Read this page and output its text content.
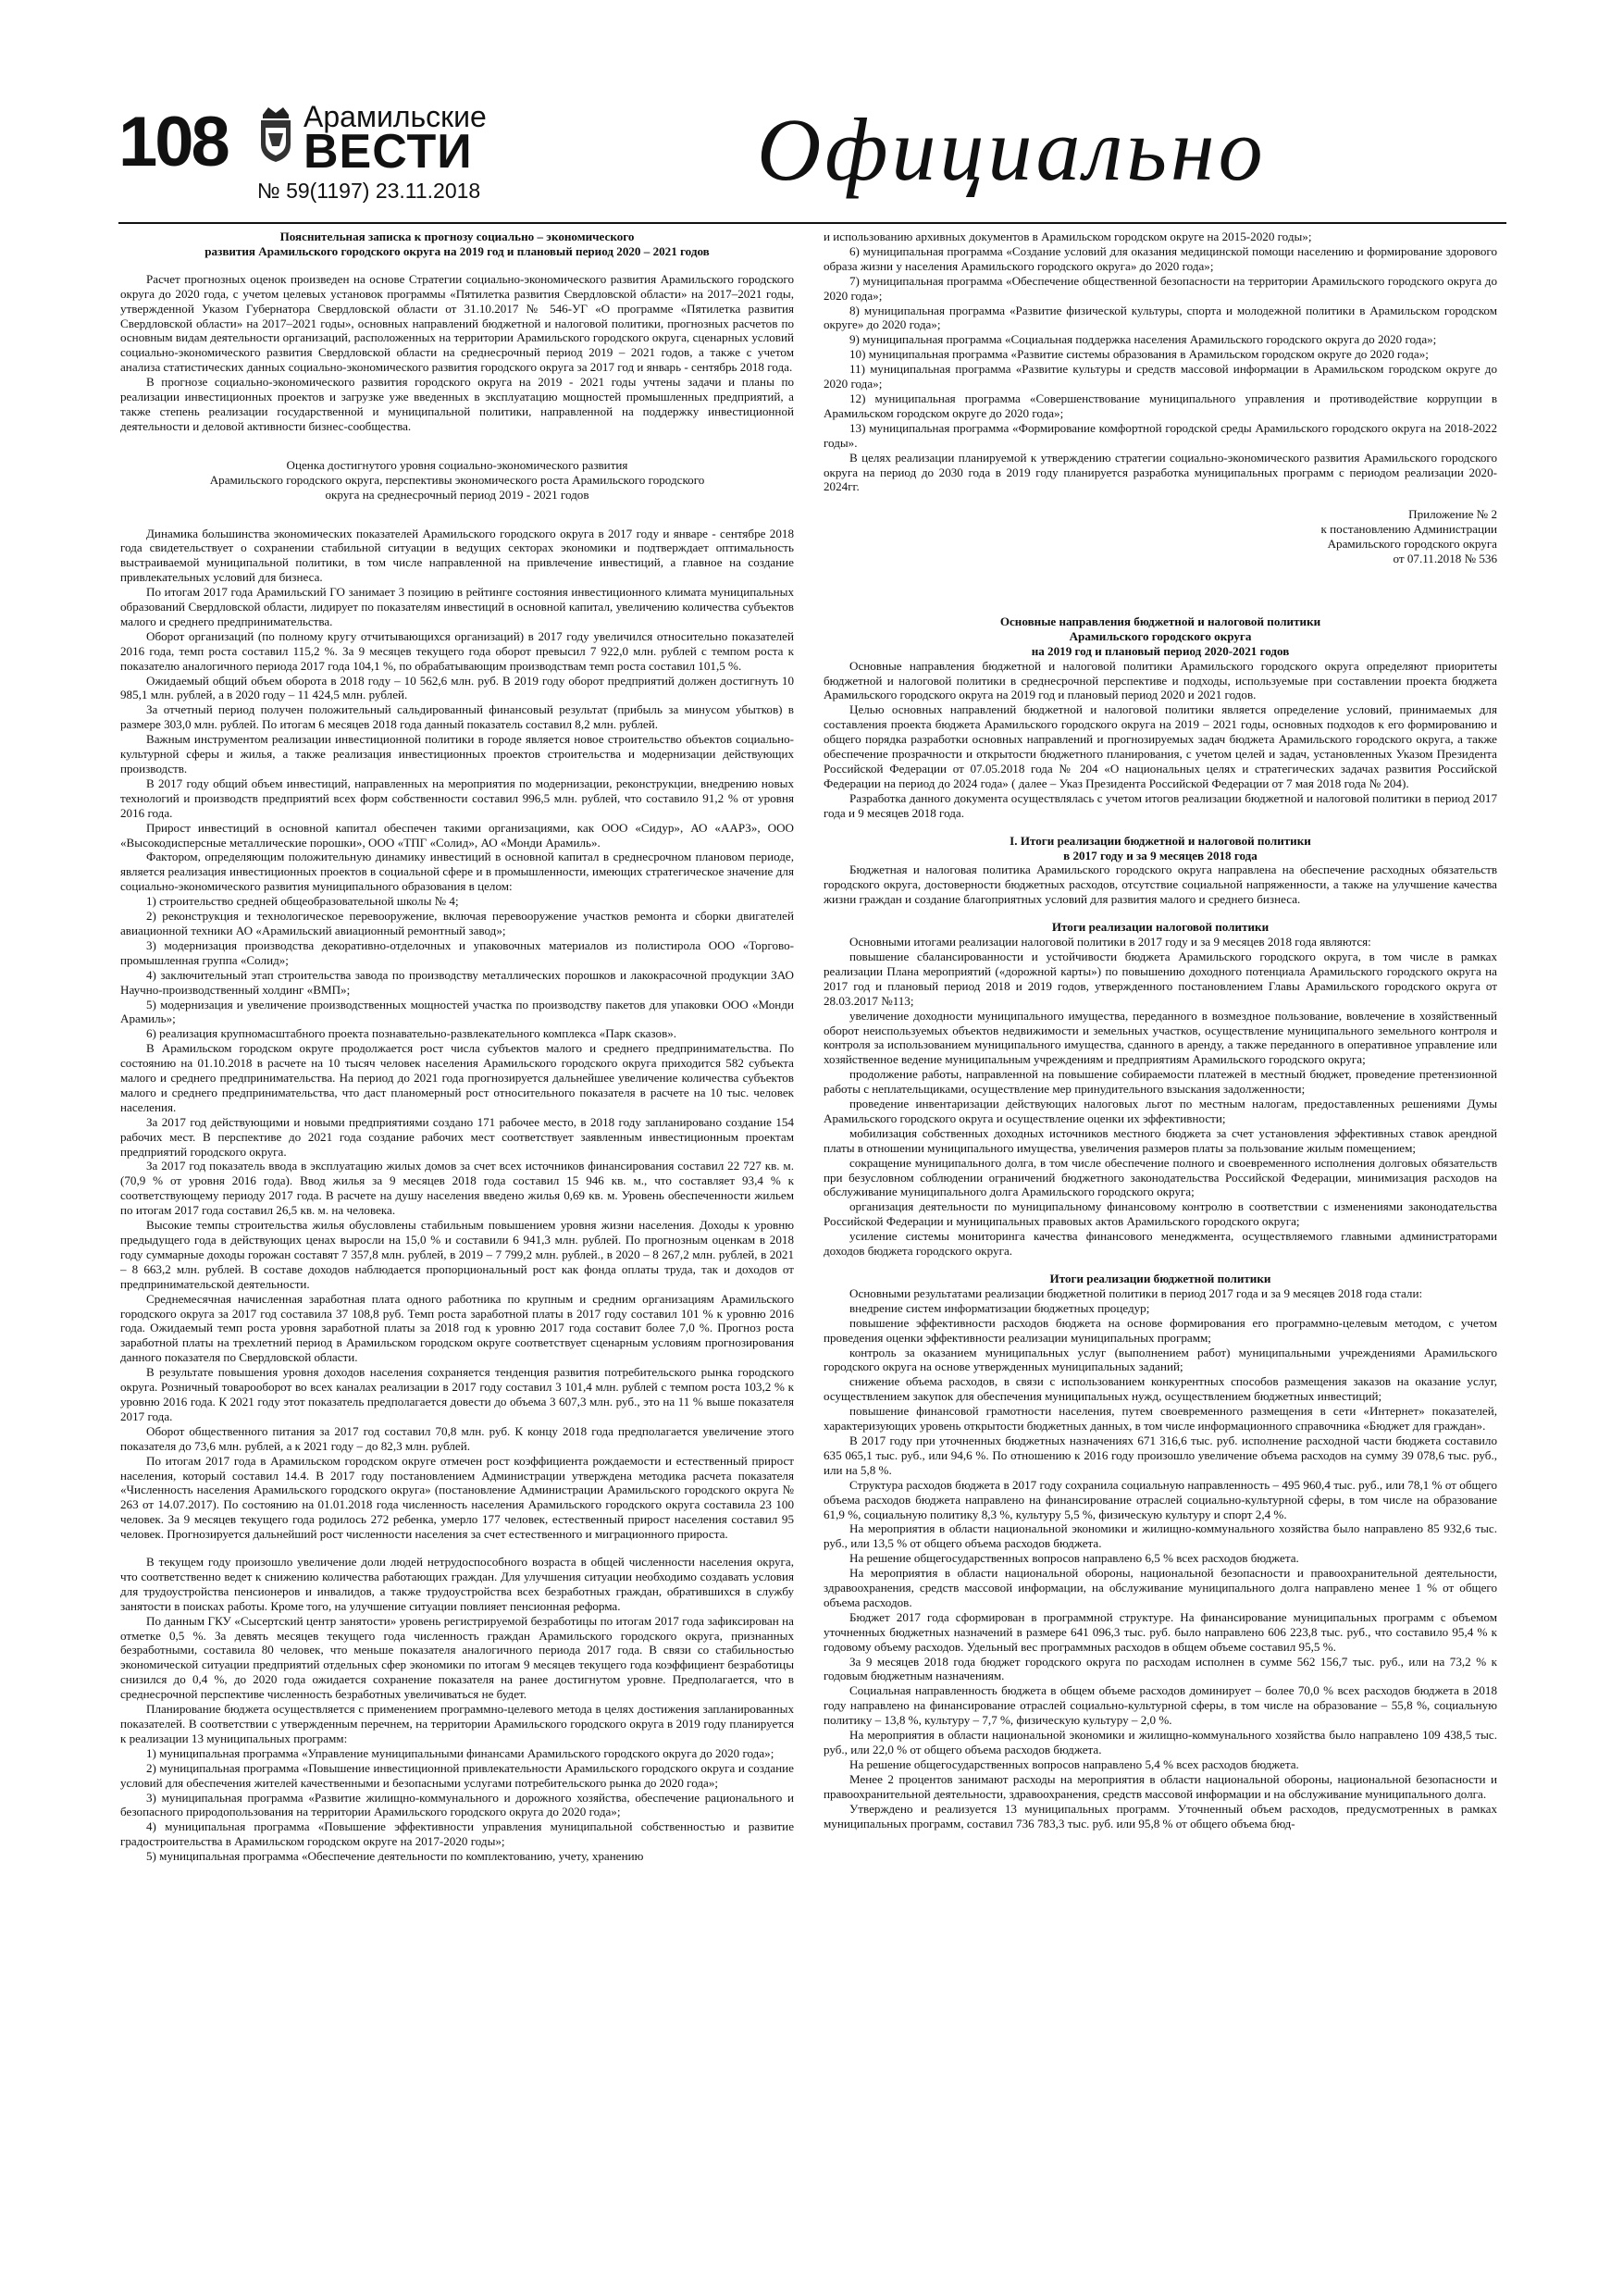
108	Арамильские
ВЕСТИ
№ 59(1197) 23.11.2018	Официально
Пояснительная записка к прогнозу социально – экономического
развития Арамильского городского округа на 2019 год и плановый период 2020 – 2021 годов

Расчет прогнозных оценок произведен на основе Стратегии социально-экономического развития Арамильского городского округа до 2020 года, с учетом целевых установок программы «Пятилетка развития Свердловской области» на 2017–2021 годы, утвержденной Указом Губернатора Свердловской области от 31.10.2017 № 546-УГ «О программе «Пятилетка развития Свердловской области» на 2017–2021 годы», основных направлений бюджетной и налоговой политики, прогнозных расчетов по основным видам деятельности организаций, расположенных на территории Арамильского городского округа, сценарных условий социально-экономического развития Свердловской области на среднесрочный период 2019 – 2021 годов, а также с учетом анализа статистических данных социально-экономического развития городского округа за 2017 год и январь - сентябрь 2018 года.

В прогнозе социально-экономического развития городского округа на 2019 - 2021 годы учтены задачи и планы по реализации инвестиционных проектов и загрузке уже введенных в эксплуатацию мощностей промышленных предприятий, а также степень реализации государственной и муниципальной политики, направленной на поддержку инвестиционной деятельности и деловой активности бизнес-сообщества.

Оценка достигнутого уровня социально-экономического развития

Арамильского городского округа, перспективы экономического роста Арамильского городского

округа на среднесрочный период 2019 - 2021 годов

Динамика большинства экономических показателей Арамильского городского округа в 2017 году и январе - сентябре 2018 года свидетельствует о сохранении стабильной ситуации в ведущих секторах экономики и подтверждает оптимальность выстраиваемой муниципальной политики, в том числе направленной на привлечение инвестиций, а главное на создание привлекательных условий для бизнеса.

По итогам 2017 года Арамильский ГО занимает 3 позицию в рейтинге состояния инвестиционного климата муниципальных образований Свердловской области, лидирует по показателям инвестиций в основной капитал, увеличению количества субъектов малого и среднего предпринимательства.

Оборот организаций (по полному кругу отчитывающихся организаций) в 2017 году увеличился относительно показателей 2016 года, темп роста составил 115,2 %. За 9 месяцев текущего года оборот превысил 7 922,0 млн. рублей с темпом роста к показателю аналогичного периода 2017 года 104,1 %, по обрабатывающим производствам темп роста составил 101,5 %.

Ожидаемый общий объем оборота в 2018 году – 10 562,6 млн. руб. В 2019 году оборот предприятий должен достигнуть 10 985,1 млн. рублей, а в 2020 году – 11 424,5 млн. рублей.

За отчетный период получен положительный сальдированный финансовый результат (прибыль за минусом убытков) в размере 303,0 млн. рублей. По итогам 6 месяцев 2018 года данный показатель составил 8,2 млн. рублей.

Важным инструментом реализации инвестиционной политики в городе является новое строительство объектов социально-культурной сферы и жилья, а также реализация инвестиционных проектов строительства и модернизации действующих производств.

В 2017 году общий объем инвестиций, направленных на мероприятия по модернизации, реконструкции, внедрению новых технологий и производств предприятий всех форм собственности составил 996,5 млн. рублей, что составило 91,2 % от уровня 2016 года.

Прирост инвестиций в основной капитал обеспечен такими организациями, как ООО «Сидур», АО «ААРЗ», ООО «Высокодисперсные металлические порошки», ООО «ТПГ «Солид», АО «Монди Арамиль».

Фактором, определяющим положительную динамику инвестиций в основной капитал в среднесрочном плановом периоде, является реализация инвестиционных проектов в социальной сфере и в промышленности, имеющих стратегическое значение для социально-экономического развития муниципального образования в целом:

1) строительство средней общеобразовательной школы № 4;

2) реконструкция и технологическое перевооружение, включая перевооружение участков ремонта и сборки двигателей авиационной техники АО «Арамильский авиационный ремонтный завод»;

3) модернизация производства декоративно-отделочных и упаковочных материалов из полистирола ООО «Торгово-промышленная группа «Солид»;

4) заключительный этап строительства завода по производству металлических порошков и лакокрасочной продукции ЗАО Научно-производственный холдинг «ВМП»;

5) модернизация и увеличение производственных мощностей участка по производству пакетов для упаковки ООО «Монди Арамиль»;

6) реализация крупномасштабного проекта познавательно-развлекательного комплекса «Парк сказов».

В Арамильском городском округе продолжается рост числа субъектов малого и среднего предпринимательства. По состоянию на 01.10.2018 в расчете на 10 тысяч человек населения Арамильского городского округа приходится 582 субъекта малого и среднего предпринимательства. На период до 2021 года прогнозируется дальнейшее увеличение количества субъектов малого и среднего предпринимательства, что даст планомерный рост относительного показателя в расчете на 10 тыс. человек населения.

За 2017 год действующими и новыми предприятиями создано 171 рабочее место, в 2018 году запланировано создание 154 рабочих мест. В перспективе до 2021 года создание рабочих мест соответствует заявленным инвестиционным проектам предприятий городского округа.

За 2017 год показатель ввода в эксплуатацию жилых домов за счет всех источников финансирования составил 22 727 кв. м. (70,9 % от уровня 2016 года). Ввод жилья за 9 месяцев 2018 года составил 15 946 кв. м., что составляет 93,4 % к соответствующему периоду 2017 года. В расчете на душу населения введено жилья 0,69 кв. м. Уровень обеспеченности жильем по итогам 2017 года составил 26,5 кв. м. на человека.

Высокие темпы строительства жилья обусловлены стабильным повышением уровня жизни населения. Доходы к уровню предыдущего года в действующих ценах выросли на 15,0 % и составили 6 941,3 млн. рублей. По прогнозным оценкам в 2018 году суммарные доходы горожан составят 7 357,8 млн. рублей, в 2019 – 7 799,2 млн. рублей., в 2020 – 8 267,2 млн. рублей, в 2021 – 8 663,2 млн. рублей. В составе доходов наблюдается пропорциональный рост как фонда оплаты труда, так и доходов от предпринимательской деятельности.

Среднемесячная начисленная заработная плата одного работника по крупным и средним организациям Арамильского городского округа за 2017 год составила 37 108,8 руб. Темп роста заработной платы в 2017 году составил 101 % к уровню 2016 года. Ожидаемый темп роста уровня заработной платы за 2018 год к уровню 2017 года составит более 7,0 %. Прогноз роста заработной платы на трехлетний период в Арамильском городском округе соответствует сценарным условиям прогнозирования данного показателя по Свердловской области.

В результате повышения уровня доходов населения сохраняется тенденция развития потребительского рынка городского округа. Розничный товарооборот во всех каналах реализации в 2017 году составил 3 101,4 млн. рублей с темпом роста 103,2 % к уровню 2016 года. К 2021 году этот показатель предполагается довести до объема 3 607,3 млн. руб., это на 11 % выше показателя 2017 года.

Оборот общественного питания за 2017 год составил 70,8 млн. руб. К концу 2018 года предполагается увеличение этого показателя до 73,6 млн. рублей, а к 2021 году – до 82,3 млн. рублей.

По итогам 2017 года в Арамильском городском округе отмечен рост коэффициента рождаемости и естественный прирост населения, который составил 14.4. В 2017 году постановлением Администрации утверждена методика расчета показателя «Численность населения Арамильского городского округа» (постановление Администрации Арамильского городского округа № 263 от 14.07.2017). По состоянию на 01.01.2018 года численность населения Арамильского городского округа составила 23 100 человек. За 9 месяцев текущего года родилось 272 ребенка, умерло 177 человек, естественный прирост населения составил 95 человек. Прогнозируется дальнейший рост численности населения за счет естественного и миграционного прироста.

В текущем году произошло увеличение доли людей нетрудоспособного возраста в общей численности населения округа, что соответственно ведет к снижению количества работающих граждан. Для улучшения ситуации необходимо создавать условия для трудоустройства пенсионеров и инвалидов, а также трудоустройства всех безработных граждан, обратившихся в службу занятости в поисках работы. Кроме того, на улучшение ситуации повлияет пенсионная реформа.

По данным ГКУ «Сысертский центр занятости» уровень регистрируемой безработицы по итогам 2017 года зафиксирован на отметке 0,5 %. За девять месяцев текущего года численность граждан Арамильского городского округа, признанных безработными, составила 80 человек, что меньше показателя аналогичного периода 2017 года. В связи со стабильностью экономической ситуации предприятий отдельных сфер экономики по итогам 9 месяцев текущего года коэффициент безработицы снизился до 0,4 %, до 2020 года ожидается сохранение показателя на ранее достигнутом уровне. Предполагается, что в среднесрочной перспективе численность безработных увеличиваться не будет.

Планирование бюджета осуществляется с применением программно-целевого метода в целях достижения запланированных показателей. В соответствии с утвержденным перечнем, на территории Арамильского городского округа в 2019 году планируется к реализации 13 муниципальных программ:

1) муниципальная программа «Управление муниципальными финансами Арамильского городского округа до 2020 года»;

2) муниципальная программа «Повышение инвестиционной привлекательности Арамильского городского округа и создание условий для обеспечения жителей качественными и безопасными услугами потребительского рынка до 2020 года»;

3) муниципальная программа «Развитие жилищно-коммунального и дорожного хозяйства, обеспечение рационального и безопасного природопользования на территории Арамильского городского округа до 2020 года»;

4) муниципальная программа «Повышение эффективности управления муниципальной собственностью и развитие градостроительства в Арамильском городском округе на 2017-2020 годы»;

5) муниципальная программа «Обеспечение деятельности по комплектованию, учету, хранению

и использованию архивных документов в Арамильском городском округе на 2015-2020 годы»;

6) муниципальная программа «Создание условий для оказания медицинской помощи населению и формирование здорового образа жизни у населения Арамильского городского округа» до 2020 года»;

7) муниципальная программа «Обеспечение общественной безопасности на территории Арамильского городского округа до 2020 года»;

8) муниципальная программа «Развитие физической культуры, спорта и молодежной политики в Арамильском городском округе» до 2020 года»;

9) муниципальная программа «Социальная поддержка населения Арамильского городского округа до 2020 года»;

10) муниципальная программа «Развитие системы образования в Арамильском городском округе до 2020 года»;

11) муниципальная программа «Развитие культуры и средств массовой информации в Арамильском городском округе до 2020 года»;

12) муниципальная программа «Совершенствование муниципального управления и противодействие коррупции в Арамильском городском округе до 2020 года»;

13) муниципальная программа «Формирование комфортной городской среды Арамильского городского округа на 2018-2022 годы».

В целях реализации планируемой к утверждению стратегии социально-экономического развития Арамильского городского округа на период до 2030 года в 2019 году планируется разработка муниципальных программ с периодом реализации 2020-2024гг.

Приложение № 2

к постановлению Администрации

Арамильского городского округа

от 07.11.2018 № 536

Основные направления бюджетной и налоговой политики
Арамильского городского округа
на 2019 год и плановый период 2020-2021 годов

Основные направления бюджетной и налоговой политики Арамильского городского округа определяют приоритеты бюджетной и налоговой политики в среднесрочной перспективе и подходы, используемые при составлении проекта бюджета Арамильского городского округа на 2019 год и плановый период 2020 и 2021 годов.

Целью основных направлений бюджетной и налоговой политики является определение условий, принимаемых для составления проекта бюджета Арамильского городского округа на 2019 – 2021 годы, основных подходов к его формированию и общего порядка разработки основных направлений и прогнозируемых задач бюджета Арамильского городского округа, а также обеспечение прозрачности и открытости бюджетного планирования, с учетом целей и задач, установленных Указом Президента Российской Федерации от 07.05.2018 года № 204 «О национальных целях и стратегических задачах развития Российской Федерации на период до 2024 года» ( далее – Указ Президента Российской Федерации от 7 мая 2018 года № 204).

Разработка данного документа осуществлялась с учетом итогов реализации бюджетной и налоговой политики в период 2017 года и 9 месяцев 2018 года.

I. Итоги реализации бюджетной и налоговой политики
в 2017 году и за 9 месяцев 2018 года

Бюджетная и налоговая политика Арамильского городского округа направлена на обеспечение расходных обязательств городского округа, достоверности бюджетных расходов, отсутствие социальной напряженности, а также на улучшение качества жизни граждан и создание благоприятных условий для развития малого и среднего бизнеса.

Итоги реализации налоговой политики

Основными итогами реализации налоговой политики в 2017 году и за 9 месяцев 2018 года являются:

повышение сбалансированности и устойчивости бюджета Арамильского городского округа, в том числе в рамках реализации Плана мероприятий («дорожной карты») по повышению доходного потенциала Арамильского городского округа на 2017 год и плановый период 2018 и 2019 годов, утвержденного постановлением Главы Арамильского городского округа от 28.03.2017 №113;

увеличение доходности муниципального имущества, переданного в возмездное пользование, вовлечение в хозяйственный оборот неиспользуемых объектов недвижимости и земельных участков, осуществление муниципального земельного контроля и контроля за использованием муниципального имущества, сданного в аренду, а также переданного в оперативное управление или хозяйственное ведение муниципальным учреждениям и предприятиям Арамильского городского округа;

продолжение работы, направленной на повышение собираемости платежей в местный бюджет, проведение претензионной работы с неплательщиками, осуществление мер принудительного взыскания задолженности;

проведение инвентаризации действующих налоговых льгот по местным налогам, предоставленных решениями Думы Арамильского городского округа и осуществление оценки их эффективности;

мобилизация собственных доходных источников местного бюджета за счет установления эффективных ставок арендной платы в отношении муниципального имущества, увеличения размеров платы за пользование жилым помещением;

сокращение муниципального долга, в том числе обеспечение полного и своевременного исполнения долговых обязательств при безусловном соблюдении ограничений бюджетного законодательства Российской Федерации, минимизация расходов на обслуживание муниципального долга Арамильского городского округа;

организация деятельности по муниципальному финансовому контролю в соответствии с изменениями законодательства Российской Федерации и муниципальных правовых актов Арамильского городского округа;

усиление системы мониторинга качества финансового менеджмента, осуществляемого главными администраторами доходов бюджета городского округа.

Итоги реализации бюджетной политики

Основными результатами реализации бюджетной политики в период 2017 года и за 9 месяцев 2018 года стали:

внедрение систем информатизации бюджетных процедур;

повышение эффективности расходов бюджета на основе формирования его программно-целевым методом, с учетом проведения оценки эффективности реализации муниципальных программ;

контроль за оказанием муниципальных услуг (выполнением работ) муниципальными учреждениями Арамильского городского округа на основе утвержденных муниципальных заданий;

снижение объема расходов, в связи с использованием конкурентных способов размещения заказов на оказание услуг, осуществлением закупок для обеспечения муниципальных нужд, осуществлением бюджетных инвестиций;

повышение финансовой грамотности населения, путем своевременного размещения в сети «Интернет» показателей, характеризующих уровень открытости бюджетных данных, в том числе информационного справочника «Бюджет для граждан».

В 2017 году при уточненных бюджетных назначениях 671 316,6 тыс. руб. исполнение расходной части бюджета составило 635 065,1 тыс. руб., или 94,6 %. По отношению к 2016 году произошло увеличение объема расходов на сумму 39 078,6 тыс. руб., или на 5,8 %.

Структура расходов бюджета в 2017 году сохранила социальную направленность – 495 960,4 тыс. руб., или 78,1 % от общего объема расходов бюджета направлено на финансирование отраслей социально-культурной сферы, в том числе на образование 61,9 %, социальную политику 8,3 %, культуру 5,5 %, физическую культуру и спорт 2,4 %.

На мероприятия в области национальной экономики и жилищно-коммунального хозяйства было направлено 85 932,6 тыс. руб., или 13,5 % от общего объема расходов бюджета.

На решение общегосударственных вопросов направлено 6,5 % всех расходов бюджета.

На мероприятия в области национальной обороны, национальной безопасности и правоохранительной деятельности, здравоохранения, средств массовой информации, на обслуживание муниципального долга направлено менее 1 % от общего объема расходов.

Бюджет 2017 года сформирован в программной структуре. На финансирование муниципальных программ с объемом уточненных бюджетных назначений в размере 641 096,3 тыс. руб. было направлено 606 223,8 тыс. руб., что составило 95,4 % к годовому объему расходов. Удельный вес программных расходов в общем объеме составил 95,5 %.

За 9 месяцев 2018 года бюджет городского округа по расходам исполнен в сумме 562 156,7 тыс. руб., или на 73,2 % к годовым бюджетным назначениям.

Социальная направленность бюджета в общем объеме расходов доминирует – более 70,0 % всех расходов бюджета в 2018 году направлено на финансирование отраслей социально-культурной сферы, в том числе на образование – 55,8 %, социальную политику – 13,8 %, культуру – 7,7 %, физическую культуру – 2,0 %.

На мероприятия в области национальной экономики и жилищно-коммунального хозяйства было направлено 109 438,5 тыс. руб., или 22,0 % от общего объема расходов бюджета.

На решение общегосударственных вопросов направлено 5,4 % всех расходов бюджета.

Менее 2 процентов занимают расходы на мероприятия в области национальной обороны, национальной безопасности и правоохранительной деятельности, здравоохранения, средств массовой информации и на обслуживание муниципального долга.

Утверждено и реализуется 13 муниципальных программ. Уточненный объем расходов, предусмотренных в рамках муниципальных программ, составил 736 783,3 тыс. руб. или 95,8 % от общего объема бюд-
